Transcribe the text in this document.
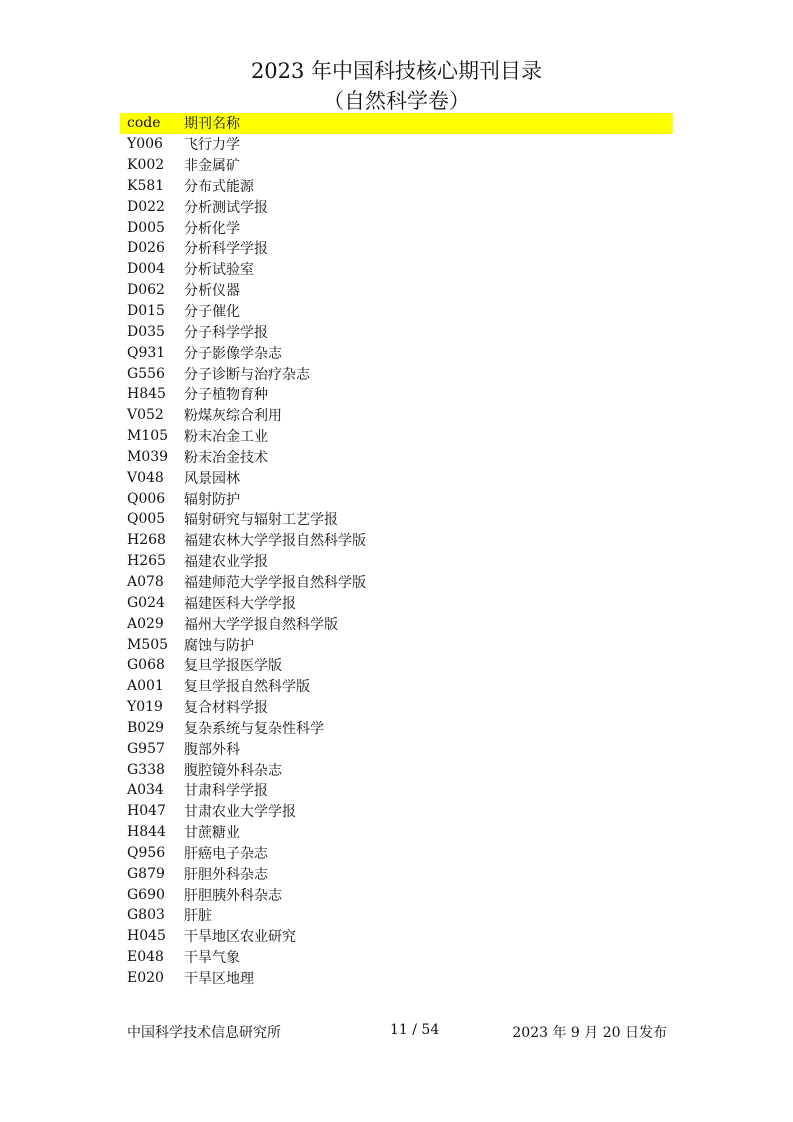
2023 年中国科技核心期刊目录
（自然科学卷）
code	期刊名称
Y006	飞行力学
K002	非金属矿
K581	分布式能源
D022	分析测试学报
D005	分析化学
D026	分析科学学报
D004	分析试验室
D062	分析仪器
D015	分子催化
D035	分子科学学报
Q931	分子影像学杂志
G556	分子诊断与治疗杂志
H845	分子植物育种
V052	粉煤灰综合利用
M105	粉末冶金工业
M039	粉末冶金技术
V048	风景园林
Q006	辐射防护
Q005	辐射研究与辐射工艺学报
H268	福建农林大学学报自然科学版
H265	福建农业学报
A078	福建师范大学学报自然科学版
G024	福建医科大学学报
A029	福州大学学报自然科学版
M505	腐蚀与防护
G068	复旦学报医学版
A001	复旦学报自然科学版
Y019	复合材料学报
B029	复杂系统与复杂性科学
G957	腹部外科
G338	腹腔镜外科杂志
A034	甘肃科学学报
H047	甘肃农业大学学报
H844	甘蔗糖业
Q956	肝癌电子杂志
G879	肝胆外科杂志
G690	肝胆胰外科杂志
G803	肝脏
H045	干旱地区农业研究
E048	干旱气象
E020	干旱区地理
中国科学技术信息研究所	11 / 54	2023 年 9 月 20 日发布
